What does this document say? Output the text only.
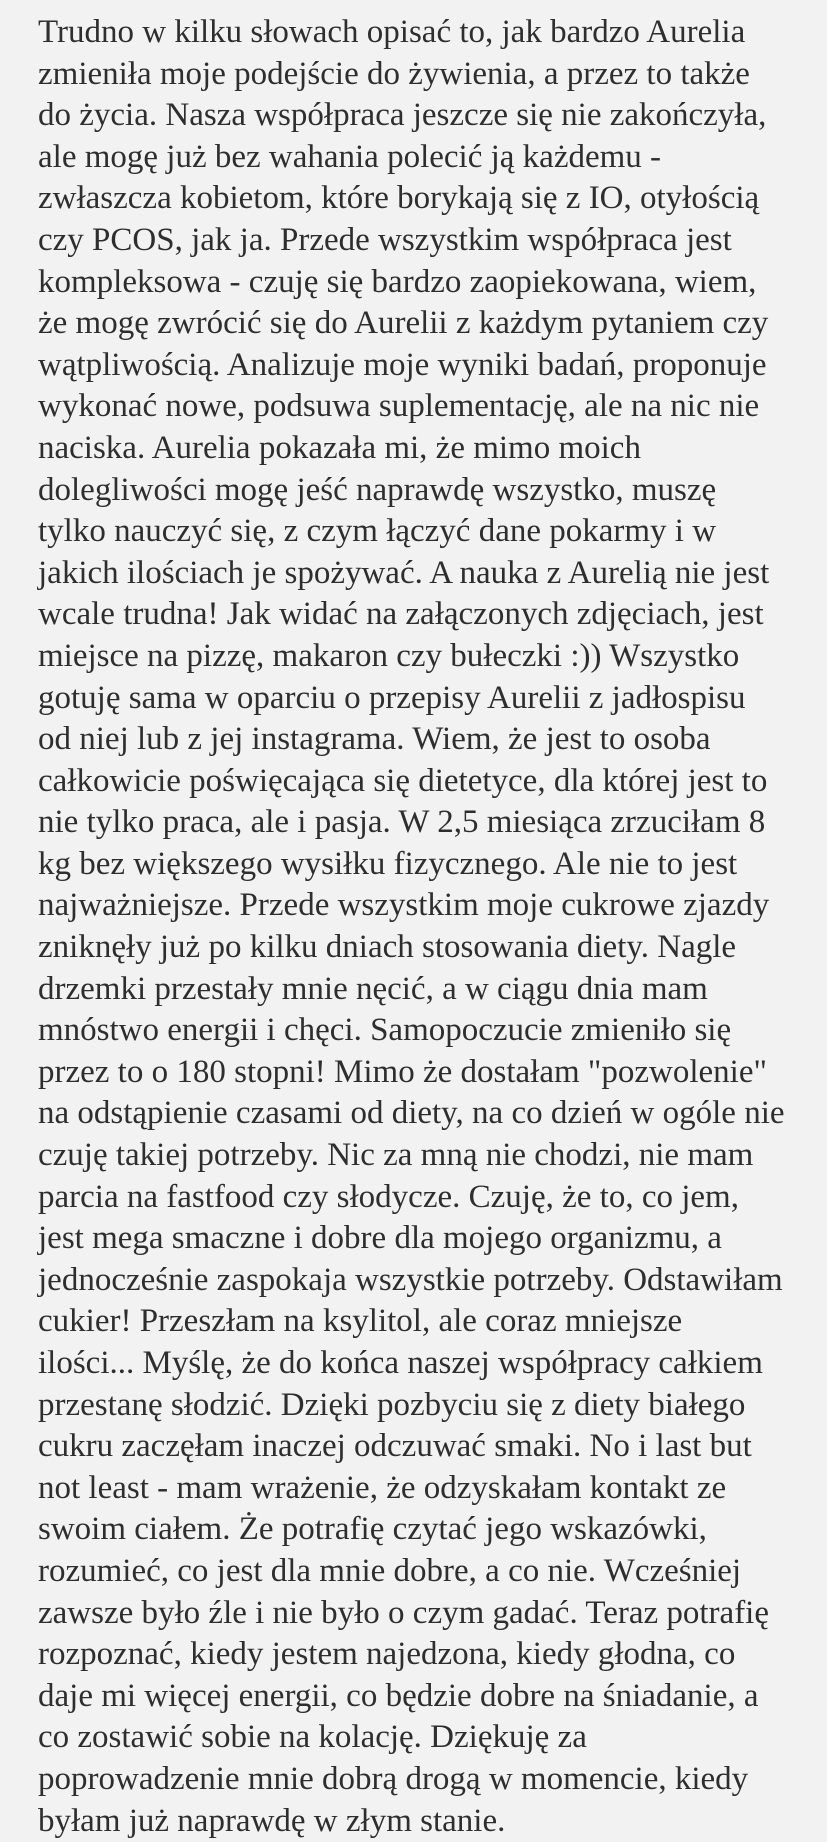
Trudno w kilku słowach opisać to, jak bardzo Aurelia
zmieniła moje podejście do żywienia, a przez to także
do życia. Nasza współpraca jeszcze się nie zakończyła,
ale mogę już bez wahania polecić ją każdemu -
zwłaszcza kobietom, które borykają się z IO, otyłością
czy PCOS, jak ja. Przede wszystkim współpraca jest
kompleksowa - czuję się bardzo zaopiekowana, wiem,
że mogę zwrócić się do Aurelii z każdym pytaniem czy
wątpliwością. Analizuje moje wyniki badań, proponuje
wykonać nowe, podsuwa suplementację, ale na nic nie
naciska. Aurelia pokazała mi, że mimo moich
dolegliwości mogę jeść naprawdę wszystko, muszę
tylko nauczyć się, z czym łączyć dane pokarmy i w
jakich ilościach je spożywać. A nauka z Aurelią nie jest
wcale trudna! Jak widać na załączonych zdjęciach, jest
miejsce na pizzę, makaron czy bułeczki :)) Wszystko
gotuję sama w oparciu o przepisy Aurelii z jadłospisu
od niej lub z jej instagrama. Wiem, że jest to osoba
całkowicie poświęcająca się dietetyce, dla której jest to
nie tylko praca, ale i pasja. W 2,5 miesiąca zrzuciłam 8
kg bez większego wysiłku fizycznego. Ale nie to jest
najważniejsze. Przede wszystkim moje cukrowe zjazdy
zniknęły już po kilku dniach stosowania diety. Nagle
drzemki przestały mnie nęcić, a w ciągu dnia mam
mnóstwo energii i chęci. Samopoczucie zmieniło się
przez to o 180 stopni! Mimo że dostałam "pozwolenie"
na odstąpienie czasami od diety, na co dzień w ogóle nie
czuję takiej potrzeby. Nic za mną nie chodzi, nie mam
parcia na fastfood czy słodycze. Czuję, że to, co jem,
jest mega smaczne i dobre dla mojego organizmu, a
jednocześnie zaspokaja wszystkie potrzeby. Odstawiłam
cukier! Przeszłam na ksylitol, ale coraz mniejsze
ilości... Myślę, że do końca naszej współpracy całkiem
przestanę słodzić. Dzięki pozbyciu się z diety białego
cukru zaczęłam inaczej odczuwać smaki. No i last but
not least - mam wrażenie, że odzyskałam kontakt ze
swoim ciałem. Że potrafię czytać jego wskazówki,
rozumieć, co jest dla mnie dobre, a co nie. Wcześniej
zawsze było źle i nie było o czym gadać. Teraz potrafię
rozpoznać, kiedy jestem najedzona, kiedy głodna, co
daje mi więcej energii, co będzie dobre na śniadanie, a
co zostawić sobie na kolację. Dziękuję za
poprowadzenie mnie dobrą drogą w momencie, kiedy
byłam już naprawdę w złym stanie.
